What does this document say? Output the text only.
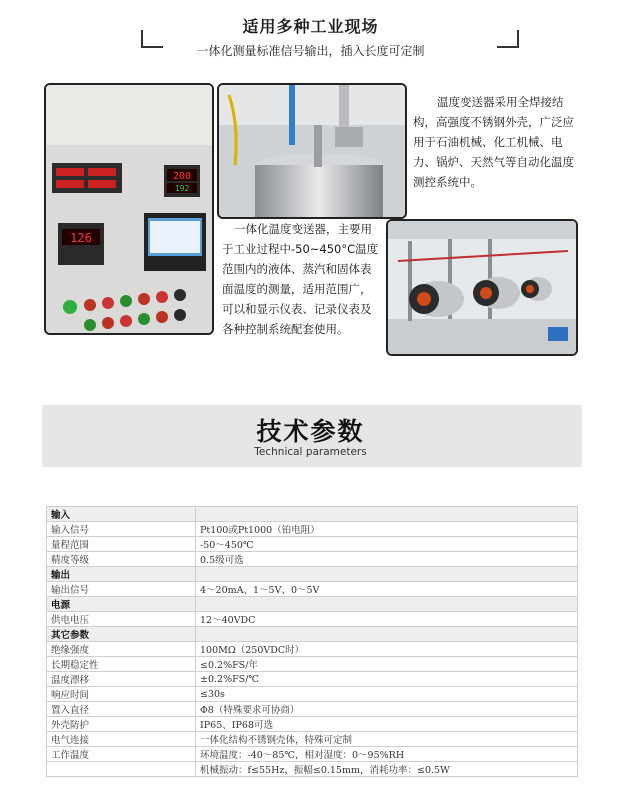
适用多种工业现场
一体化测量标准信号输出，插入长度可定制
200
192
126
温度变送器采用全焊接结构，高强度不锈钢外壳，广泛应用于石油机械、化工机械、电力、锅炉、天然气等自动化温度测控系统中。
一体化温度变送器，主要用于工业过程中-50~450°C温度范围内的液体、蒸汽和固体表面温度的测量，适用范围广，可以和显示仪表、记录仪表及各种控制系统配套使用。
技术参数
Technical parameters
输入	
输入信号	Pt100或Pt1000（铂电阻）
量程范围	-50～450℃
精度等级	0.5级可选
输出	
输出信号	4～20mA、1～5V、0～5V
电源	
供电电压	12～40VDC
其它参数	
绝缘强度	100MΩ（250VDC时）
长期稳定性	≤0.2%FS/年
温度漂移	±0.2%FS/℃
响应时间	≤30s
置入直径	Φ8（特殊要求可协商）
外壳防护	IP65、IP68可选
电气连接	一体化结构不锈钢壳体，特殊可定制
工作温度	环境温度：-40～85℃，相对湿度：0～95%RH
	机械振动：f≤55Hz，振幅≤0.15mm，消耗功率：≤0.5W
